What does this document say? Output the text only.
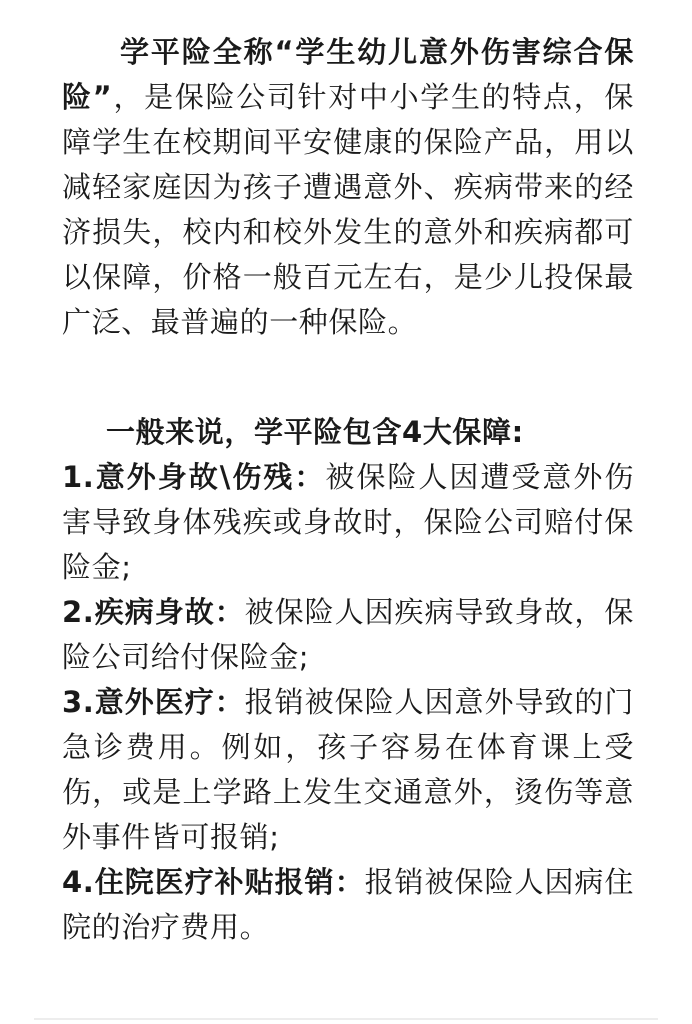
学平险全称“学生幼儿意外伤害综合保险”，是保险公司针对中小学生的特点，保障学生在校期间平安健康的保险产品，用以减轻家庭因为孩子遭遇意外、疾病带来的经济损失，校内和校外发生的意外和疾病都可以保障，价格一般百元左右，是少儿投保最广泛、最普遍的一种保险。

一般来说，学平险包含4大保障:

1.意外身故\伤残：被保险人因遭受意外伤害导致身体残疾或身故时，保险公司赔付保险金;

2.疾病身故：被保险人因疾病导致身故，保险公司给付保险金;

3.意外医疗：报销被保险人因意外导致的门急诊费用。例如，孩子容易在体育课上受伤，或是上学路上发生交通意外，烫伤等意外事件皆可报销;

4.住院医疗补贴报销：报销被保险人因病住院的治疗费用。
